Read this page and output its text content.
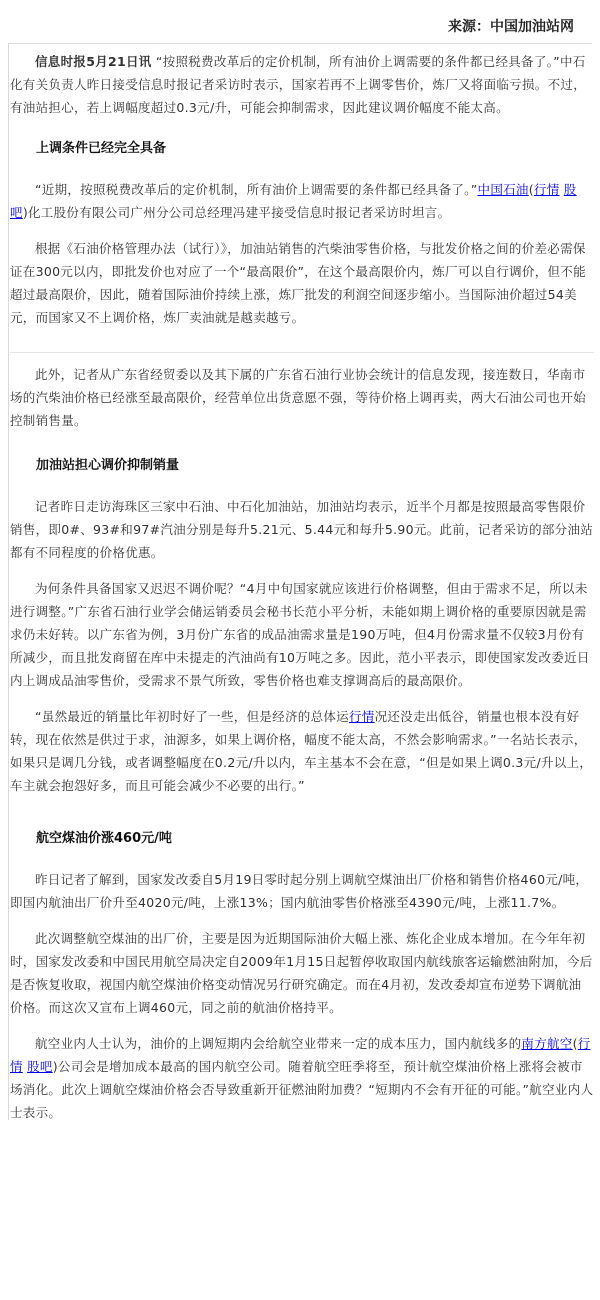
来源：中国加油站网

信息时报5月21日讯 “按照税费改革后的定价机制，所有油价上调需要的条件都已经具备了。”中石化有关负责人昨日接受信息时报记者采访时表示，国家若再不上调零售价，炼厂又将面临亏损。不过，有油站担心，若上调幅度超过0.3元/升，可能会抑制需求，因此建议调价幅度不能太高。

上调条件已经完全具备

“近期，按照税费改革后的定价机制，所有油价上调需要的条件都已经具备了。”中国石油(行情 股吧)化工股份有限公司广州分公司总经理冯建平接受信息时报记者采访时坦言。

根据《石油价格管理办法（试行）》，加油站销售的汽柴油零售价格，与批发价格之间的价差必需保证在300元以内，即批发价也对应了一个“最高限价”，在这个最高限价内，炼厂可以自行调价，但不能超过最高限价，因此，随着国际油价持续上涨，炼厂批发的利润空间逐步缩小。当国际油价超过54美元，而国家又不上调价格，炼厂卖油就是越卖越亏。

此外，记者从广东省经贸委以及其下属的广东省石油行业协会统计的信息发现，接连数日，华南市场的汽柴油价格已经涨至最高限价，经营单位出货意愿不强，等待价格上调再卖，两大石油公司也开始控制销售量。

加油站担心调价抑制销量

记者昨日走访海珠区三家中石油、中石化加油站，加油站均表示，近半个月都是按照最高零售限价销售，即0#、93#和97#汽油分别是每升5.21元、5.44元和每升5.90元。此前，记者采访的部分油站都有不同程度的价格优惠。

为何条件具备国家又迟迟不调价呢？“4月中旬国家就应该进行价格调整，但由于需求不足，所以未进行调整。”广东省石油行业学会储运销委员会秘书长范小平分析，未能如期上调价格的重要原因就是需求仍未好转。以广东省为例，3月份广东省的成品油需求量是190万吨，但4月份需求量不仅较3月份有所减少，而且批发商留在库中未提走的汽油尚有10万吨之多。因此，范小平表示，即使国家发改委近日内上调成品油零售价，受需求不景气所致，零售价格也难支撑调高后的最高限价。

“虽然最近的销量比年初时好了一些，但是经济的总体运行情况还没走出低谷，销量也根本没有好转，现在依然是供过于求，油源多，如果上调价格，幅度不能太高，不然会影响需求。”一名站长表示，如果只是调几分钱，或者调整幅度在0.2元/升以内，车主基本不会在意，“但是如果上调0.3元/升以上，车主就会抱怨好多，而且可能会减少不必要的出行。”

航空煤油价涨460元/吨

昨日记者了解到，国家发改委自5月19日零时起分别上调航空煤油出厂价格和销售价格460元/吨，即国内航油出厂价升至4020元/吨，上涨13%；国内航油零售价格涨至4390元/吨，上涨11.7%。

此次调整航空煤油的出厂价，主要是因为近期国际油价大幅上涨、炼化企业成本增加。在今年年初时，国家发改委和中国民用航空局决定自2009年1月15日起暂停收取国内航线旅客运输燃油附加，今后是否恢复收取，视国内航空煤油价格变动情况另行研究确定。而在4月初，发改委却宣布逆势下调航油价格。而这次又宣布上调460元，同之前的航油价格持平。

航空业内人士认为，油价的上调短期内会给航空业带来一定的成本压力，国内航线多的南方航空(行情 股吧)公司会是增加成本最高的国内航空公司。随着航空旺季将至，预计航空煤油价格上涨将会被市场消化。此次上调航空煤油价格会否导致重新开征燃油附加费？“短期内不会有开征的可能。”航空业内人士表示。
